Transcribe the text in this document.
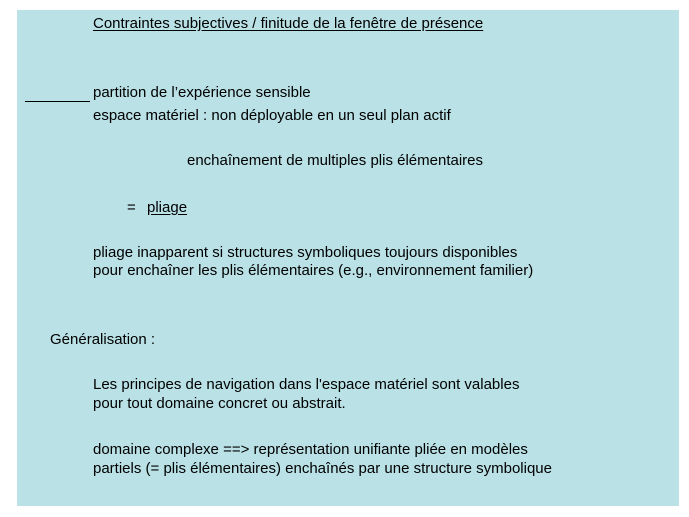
Contraintes subjectives / finitude de la fenêtre de présence

partition de l’expérience sensible

espace matériel : non déployable en un seul plan actif

enchaînement de multiples plis élémentaires

= pliage

pliage inapparent si structures symboliques toujours disponibles

pour enchaîner les plis élémentaires (e.g., environnement familier)

Généralisation :

Les principes de navigation dans l'espace matériel sont valables

pour tout domaine concret ou abstrait.

domaine complexe ==> représentation unifiante pliée en modèles

partiels (= plis élémentaires) enchaînés par une structure symbolique
